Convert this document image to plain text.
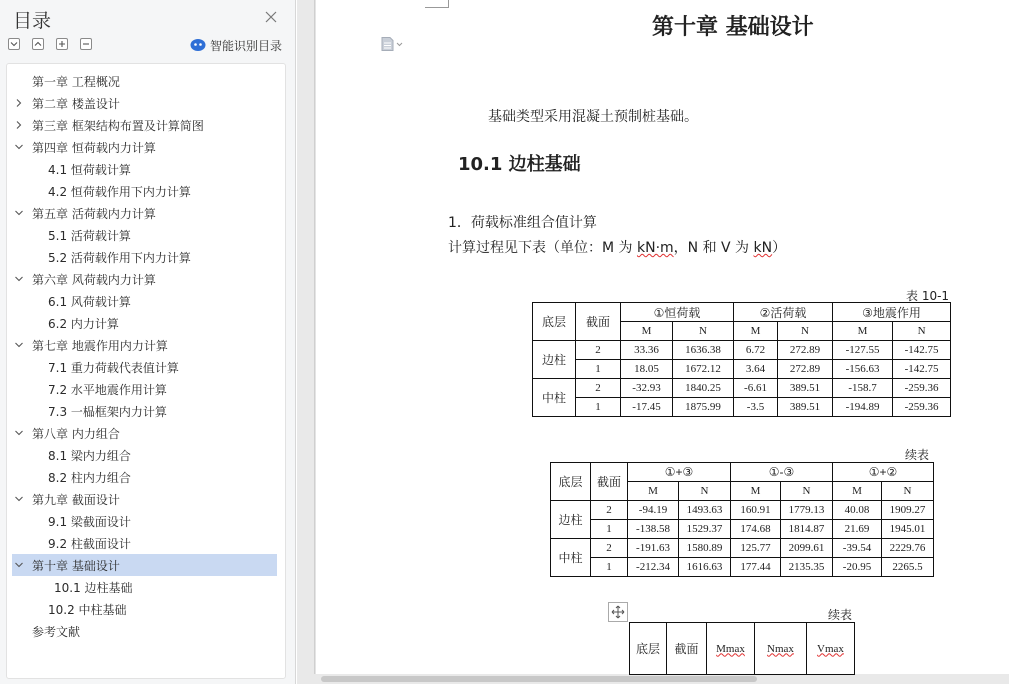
目录
智能识别目录
第一章 工程概况
第二章 楼盖设计
第三章 框架结构布置及计算简图
第四章 恒荷载内力计算
4.1 恒荷载计算
4.2 恒荷载作用下内力计算
第五章 活荷载内力计算
5.1 活荷载计算
5.2 活荷载作用下内力计算
第六章 风荷载内力计算
6.1 风荷载计算
6.2 内力计算
第七章 地震作用内力计算
7.1 重力荷载代表值计算
7.2 水平地震作用计算
7.3 一榀框架内力计算
第八章 内力组合
8.1 梁内力组合
8.2 柱内力组合
第九章 截面设计
9.1 梁截面设计
9.2 柱截面设计
第十章 基础设计
10.1 边柱基础
10.2 中柱基础
参考文献
第十章 基础设计
基础类型采用混凝土预制桩基础。
10.1 边柱基础
1．荷载标准组合值计算
计算过程见下表（单位：M 为 kN·m，N 和 V 为 kN）
表 10-1
底层	截面	①恒荷载		②活荷载		③地震作用	
		M	N	M	N	M	N
边柱	2	33.36	1636.38	6.72	272.89	-127.55	-142.75
	1	18.05	1672.12	3.64	272.89	-156.63	-142.75
中柱	2	-32.93	1840.25	-6.61	389.51	-158.7	-259.36
	1	-17.45	1875.99	-3.5	389.51	-194.89	-259.36
续表
底层	截面	①+③		①-③		①+②	
		M	N	M	N	M	N
边柱	2	-94.19	1493.63	160.91	1779.13	40.08	1909.27
	1	-138.58	1529.37	174.68	1814.87	21.69	1945.01
中柱	2	-191.63	1580.89	125.77	2099.61	-39.54	2229.76
	1	-212.34	1616.63	177.44	2135.35	-20.95	2265.5
续表
底层	截面	Mmax	Nmax	Vmax
